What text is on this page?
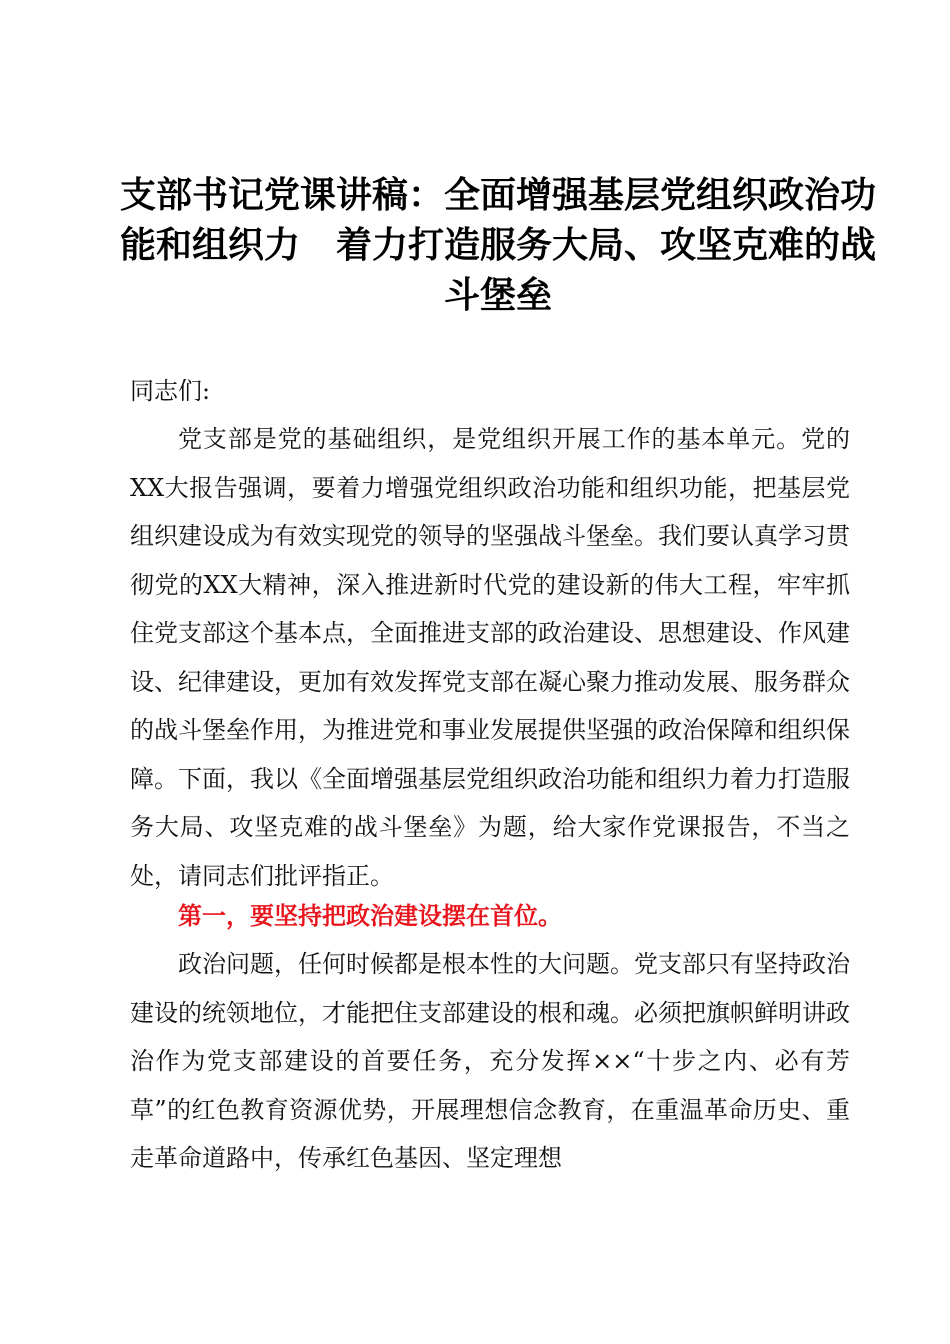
支部书记党课讲稿：全面增强基层党组织政治功
能和组织力　着力打造服务大局、攻坚克难的战
斗堡垒

同志们:

党支部是党的基础组织，是党组织开展工作的基本单元。党的XX大报告强调，要着力增强党组织政治功能和组织功能，把基层党组织建设成为有效实现党的领导的坚强战斗堡垒。我们要认真学习贯彻党的XX大精神，深入推进新时代党的建设新的伟大工程，牢牢抓住党支部这个基本点，全面推进支部的政治建设、思想建设、作风建设、纪律建设，更加有效发挥党支部在凝心聚力推动发展、服务群众的战斗堡垒作用，为推进党和事业发展提供坚强的政治保障和组织保障。下面，我以《全面增强基层党组织政治功能和组织力着力打造服务大局、攻坚克难的战斗堡垒》为题，给大家作党课报告，不当之处，请同志们批评指正。

第一，要坚持把政治建设摆在首位。

政治问题，任何时候都是根本性的大问题。党支部只有坚持政治建设的统领地位，才能把住支部建设的根和魂。必须把旗帜鲜明讲政治作为党支部建设的首要任务，充分发挥××“十步之内、必有芳草”的红色教育资源优势，开展理想信念教育，在重温革命历史、重走革命道路中，传承红色基因、坚定理想
